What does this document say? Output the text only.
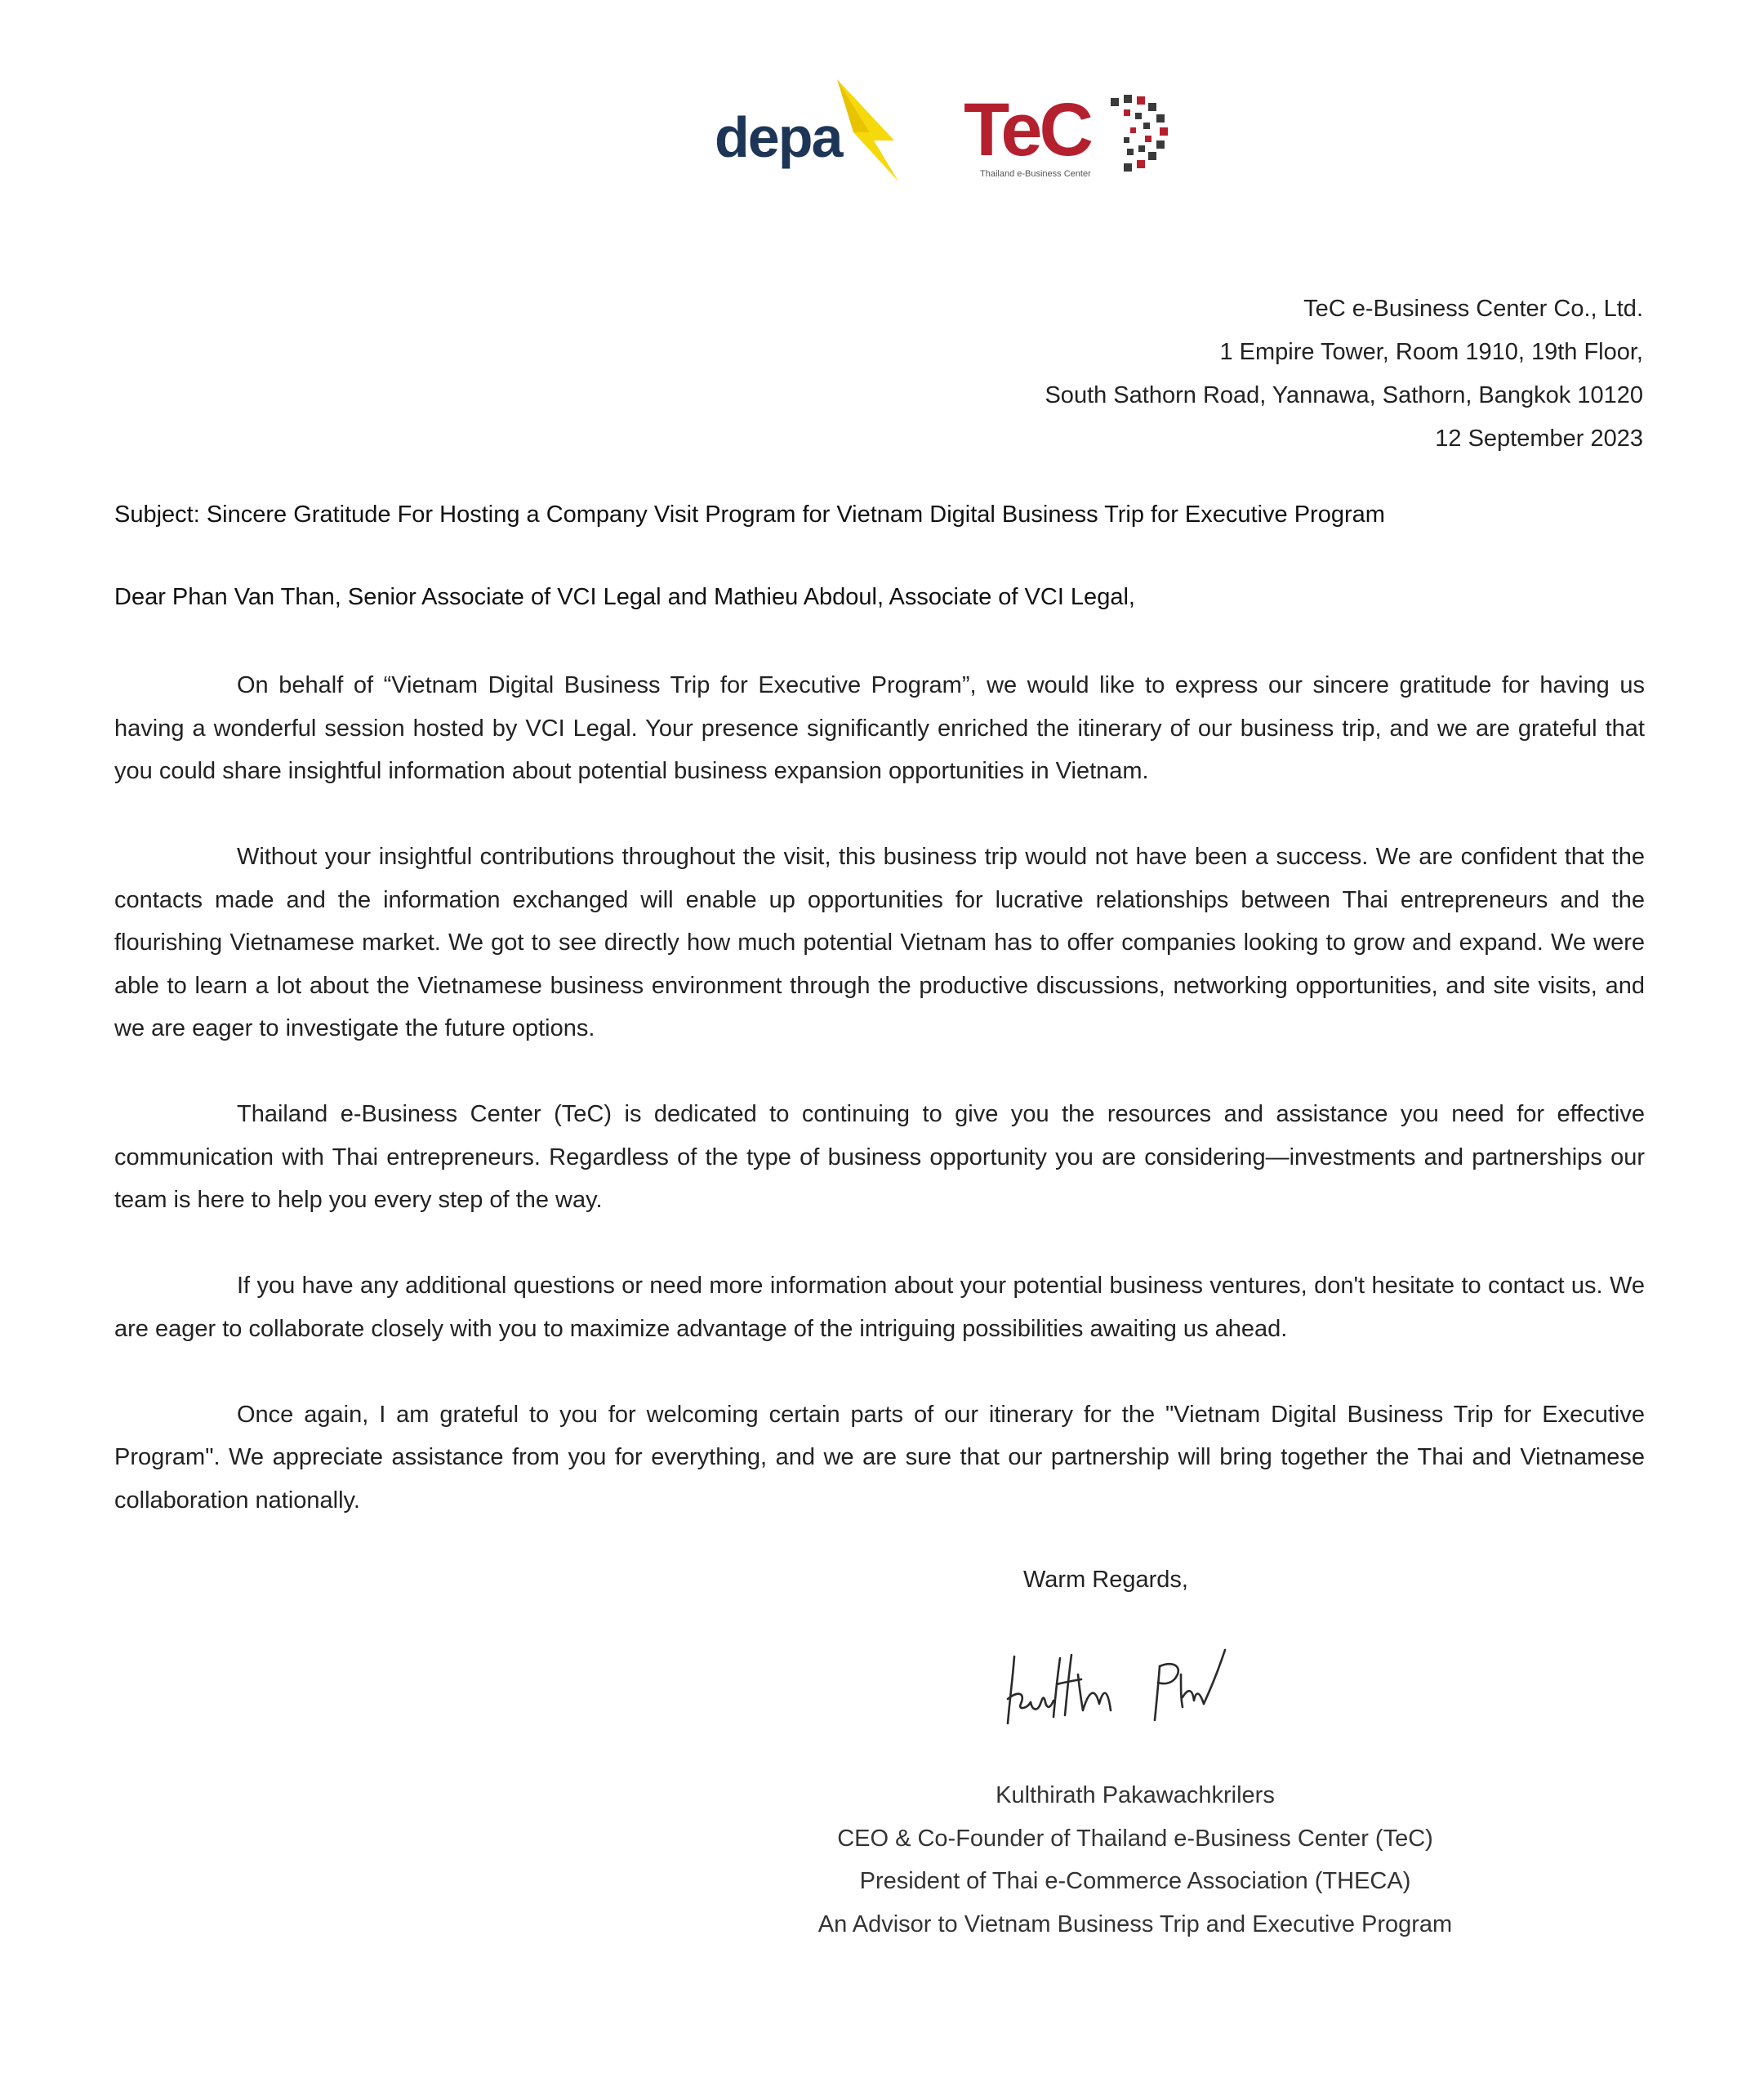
depa TeC
Thailand e-Business Center
TeC e-Business Center Co., Ltd.
1 Empire Tower, Room 1910, 19th Floor,
South Sathorn Road, Yannawa, Sathorn, Bangkok 10120
12 September 2023
Subject: Sincere Gratitude For Hosting a Company Visit Program for Vietnam Digital Business Trip for Executive Program
Dear Phan Van Than, Senior Associate of VCI Legal and Mathieu Abdoul, Associate of VCI Legal,

On behalf of “Vietnam Digital Business Trip for Executive Program”, we would like to express our sincere gratitude for having us having a wonderful session hosted by VCI Legal. Your presence significantly enriched the itinerary of our business trip, and we are grateful that you could share insightful information about potential business expansion opportunities in Vietnam.

Without your insightful contributions throughout the visit, this business trip would not have been a success. We are confident that the contacts made and the information exchanged will enable up opportunities for lucrative relationships between Thai entrepreneurs and the flourishing Vietnamese market. We got to see directly how much potential Vietnam has to offer companies looking to grow and expand. We were able to learn a lot about the Vietnamese business environment through the productive discussions, networking opportunities, and site visits, and we are eager to investigate the future options.

Thailand e-Business Center (TeC) is dedicated to continuing to give you the resources and assistance you need for effective communication with Thai entrepreneurs. Regardless of the type of business opportunity you are considering—investments and partnerships our team is here to help you every step of the way.

If you have any additional questions or need more information about your potential business ventures, don't hesitate to contact us. We are eager to collaborate closely with you to maximize advantage of the intriguing possibilities awaiting us ahead.

Once again, I am grateful to you for welcoming certain parts of our itinerary for the "Vietnam Digital Business Trip for Executive Program". We appreciate assistance from you for everything, and we are sure that our partnership will bring together the Thai and Vietnamese collaboration nationally.

Warm Regards,
Kulthirath Pakawachkrilers
CEO & Co-Founder of Thailand e-Business Center (TeC)
President of Thai e-Commerce Association (THECA)
An Advisor to Vietnam Business Trip and Executive Program
